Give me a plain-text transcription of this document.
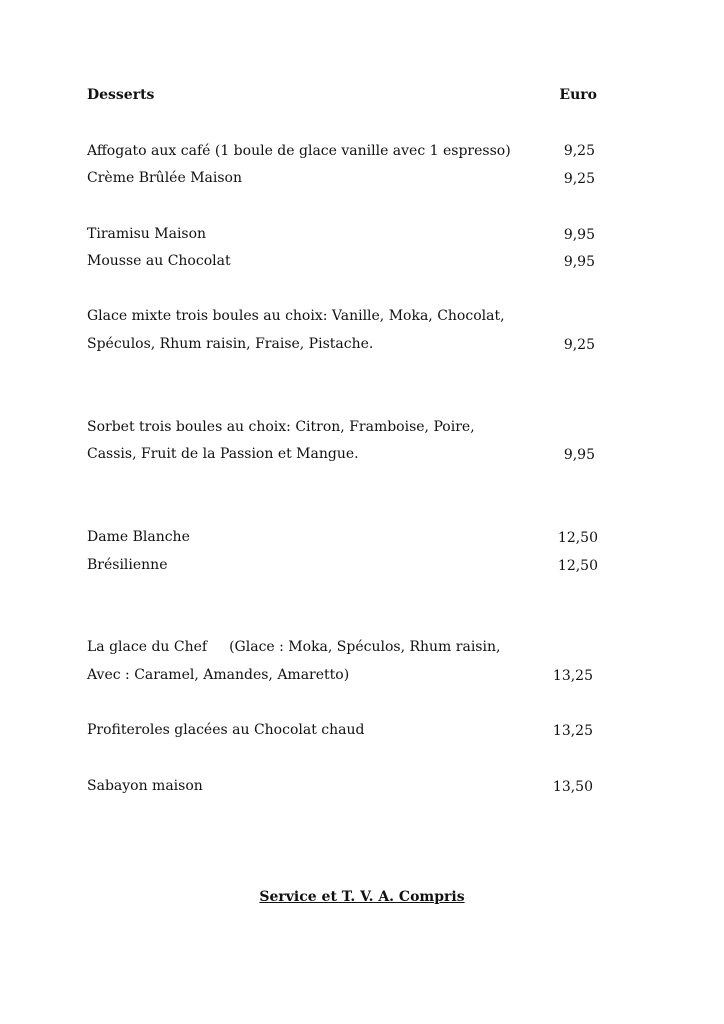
Desserts	Euro
Affogato aux café (1 boule de glace vanille avec 1 espresso)	9,25
Crème Brûlée Maison	9,25
Tiramisu Maison	9,95
Mousse au Chocolat	9,95
Glace mixte trois boules au choix: Vanille, Moka, Chocolat,
Spéculos, Rhum raisin, Fraise, Pistache.	9,25
Sorbet trois boules au choix: Citron, Framboise, Poire,
Cassis, Fruit de la Passion et Mangue.	9,95
Dame Blanche	12,50
Brésilienne	12,50
La glace du Chef (Glace : Moka, Spéculos, Rhum raisin,
Avec : Caramel, Amandes, Amaretto)	13,25
Profiteroles glacées au Chocolat chaud	13,25
Sabayon maison	13,50
Service et T. V. A. Compris
